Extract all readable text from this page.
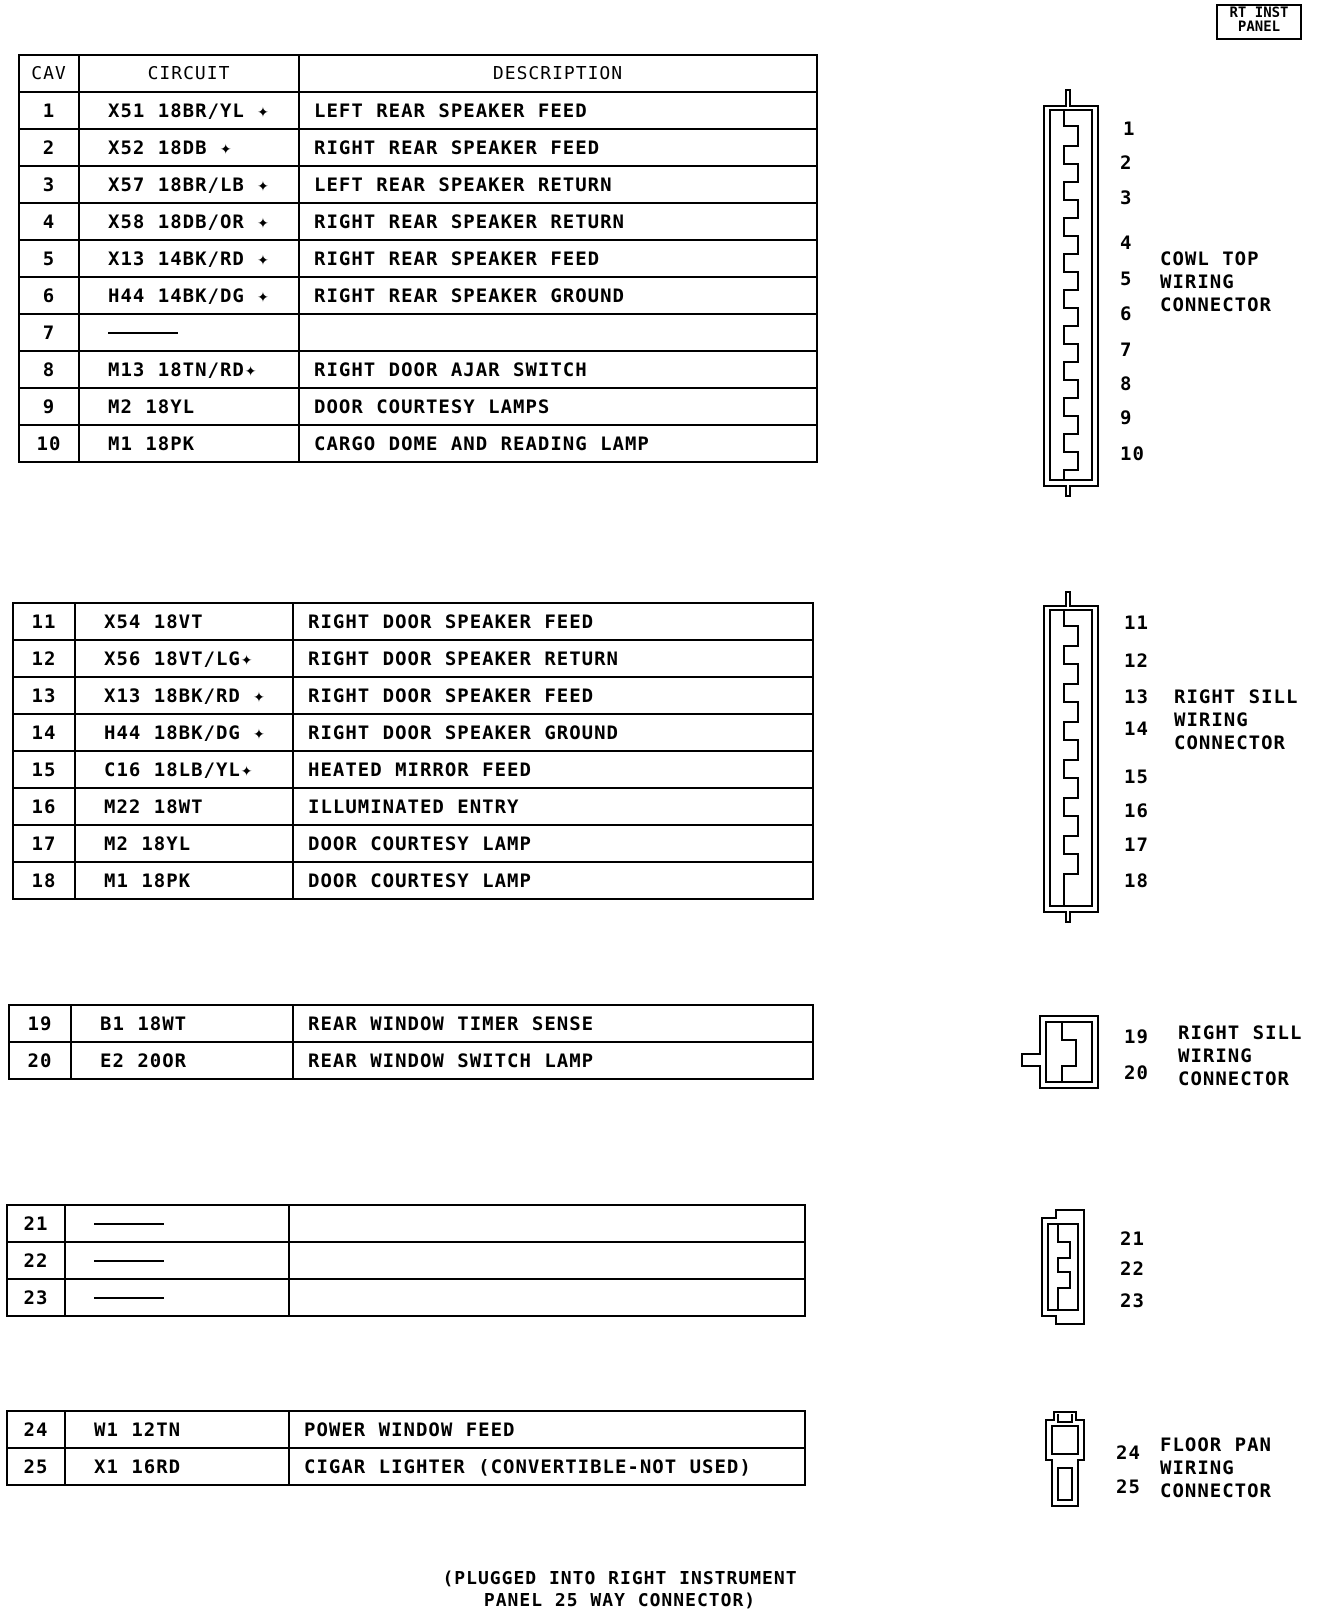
RT INST
PANEL
CAV	CIRCUIT	DESCRIPTION
1	X51 18BR/YL ✦	LEFT REAR SPEAKER FEED
2	X52 18DB ✦	RIGHT REAR SPEAKER FEED
3	X57 18BR/LB ✦	LEFT REAR SPEAKER RETURN
4	X58 18DB/OR ✦	RIGHT REAR SPEAKER RETURN
5	X13 14BK/RD ✦	RIGHT REAR SPEAKER FEED
6	H44 14BK/DG ✦	RIGHT REAR SPEAKER GROUND
7		
8	M13 18TN/RD✦	RIGHT DOOR AJAR SWITCH
9	M2 18YL	DOOR COURTESY LAMPS
10	M1 18PK	CARGO DOME AND READING LAMP
11	X54 18VT	RIGHT DOOR SPEAKER FEED
12	X56 18VT/LG✦	RIGHT DOOR SPEAKER RETURN
13	X13 18BK/RD ✦	RIGHT DOOR SPEAKER FEED
14	H44 18BK/DG ✦	RIGHT DOOR SPEAKER GROUND
15	C16 18LB/YL✦	HEATED MIRROR FEED
16	M22 18WT	ILLUMINATED ENTRY
17	M2 18YL	DOOR COURTESY LAMP
18	M1 18PK	DOOR COURTESY LAMP
19	B1 18WT	REAR WINDOW TIMER SENSE
20	E2 20OR	REAR WINDOW SWITCH LAMP
21		
22		
23		
24	W1 12TN	POWER WINDOW FEED
25	X1 16RD	CIGAR LIGHTER (CONVERTIBLE-NOT USED)
1
2
3
4
5
6
7
8
9
10
COWL TOP
WIRING
CONNECTOR
11
12
13
14
15
16
17
18
RIGHT SILL
WIRING
CONNECTOR
19
20
RIGHT SILL
WIRING
CONNECTOR
21
22
23
24
25
FLOOR PAN
WIRING
CONNECTOR
(PLUGGED INTO RIGHT INSTRUMENT
PANEL 25 WAY CONNECTOR)
